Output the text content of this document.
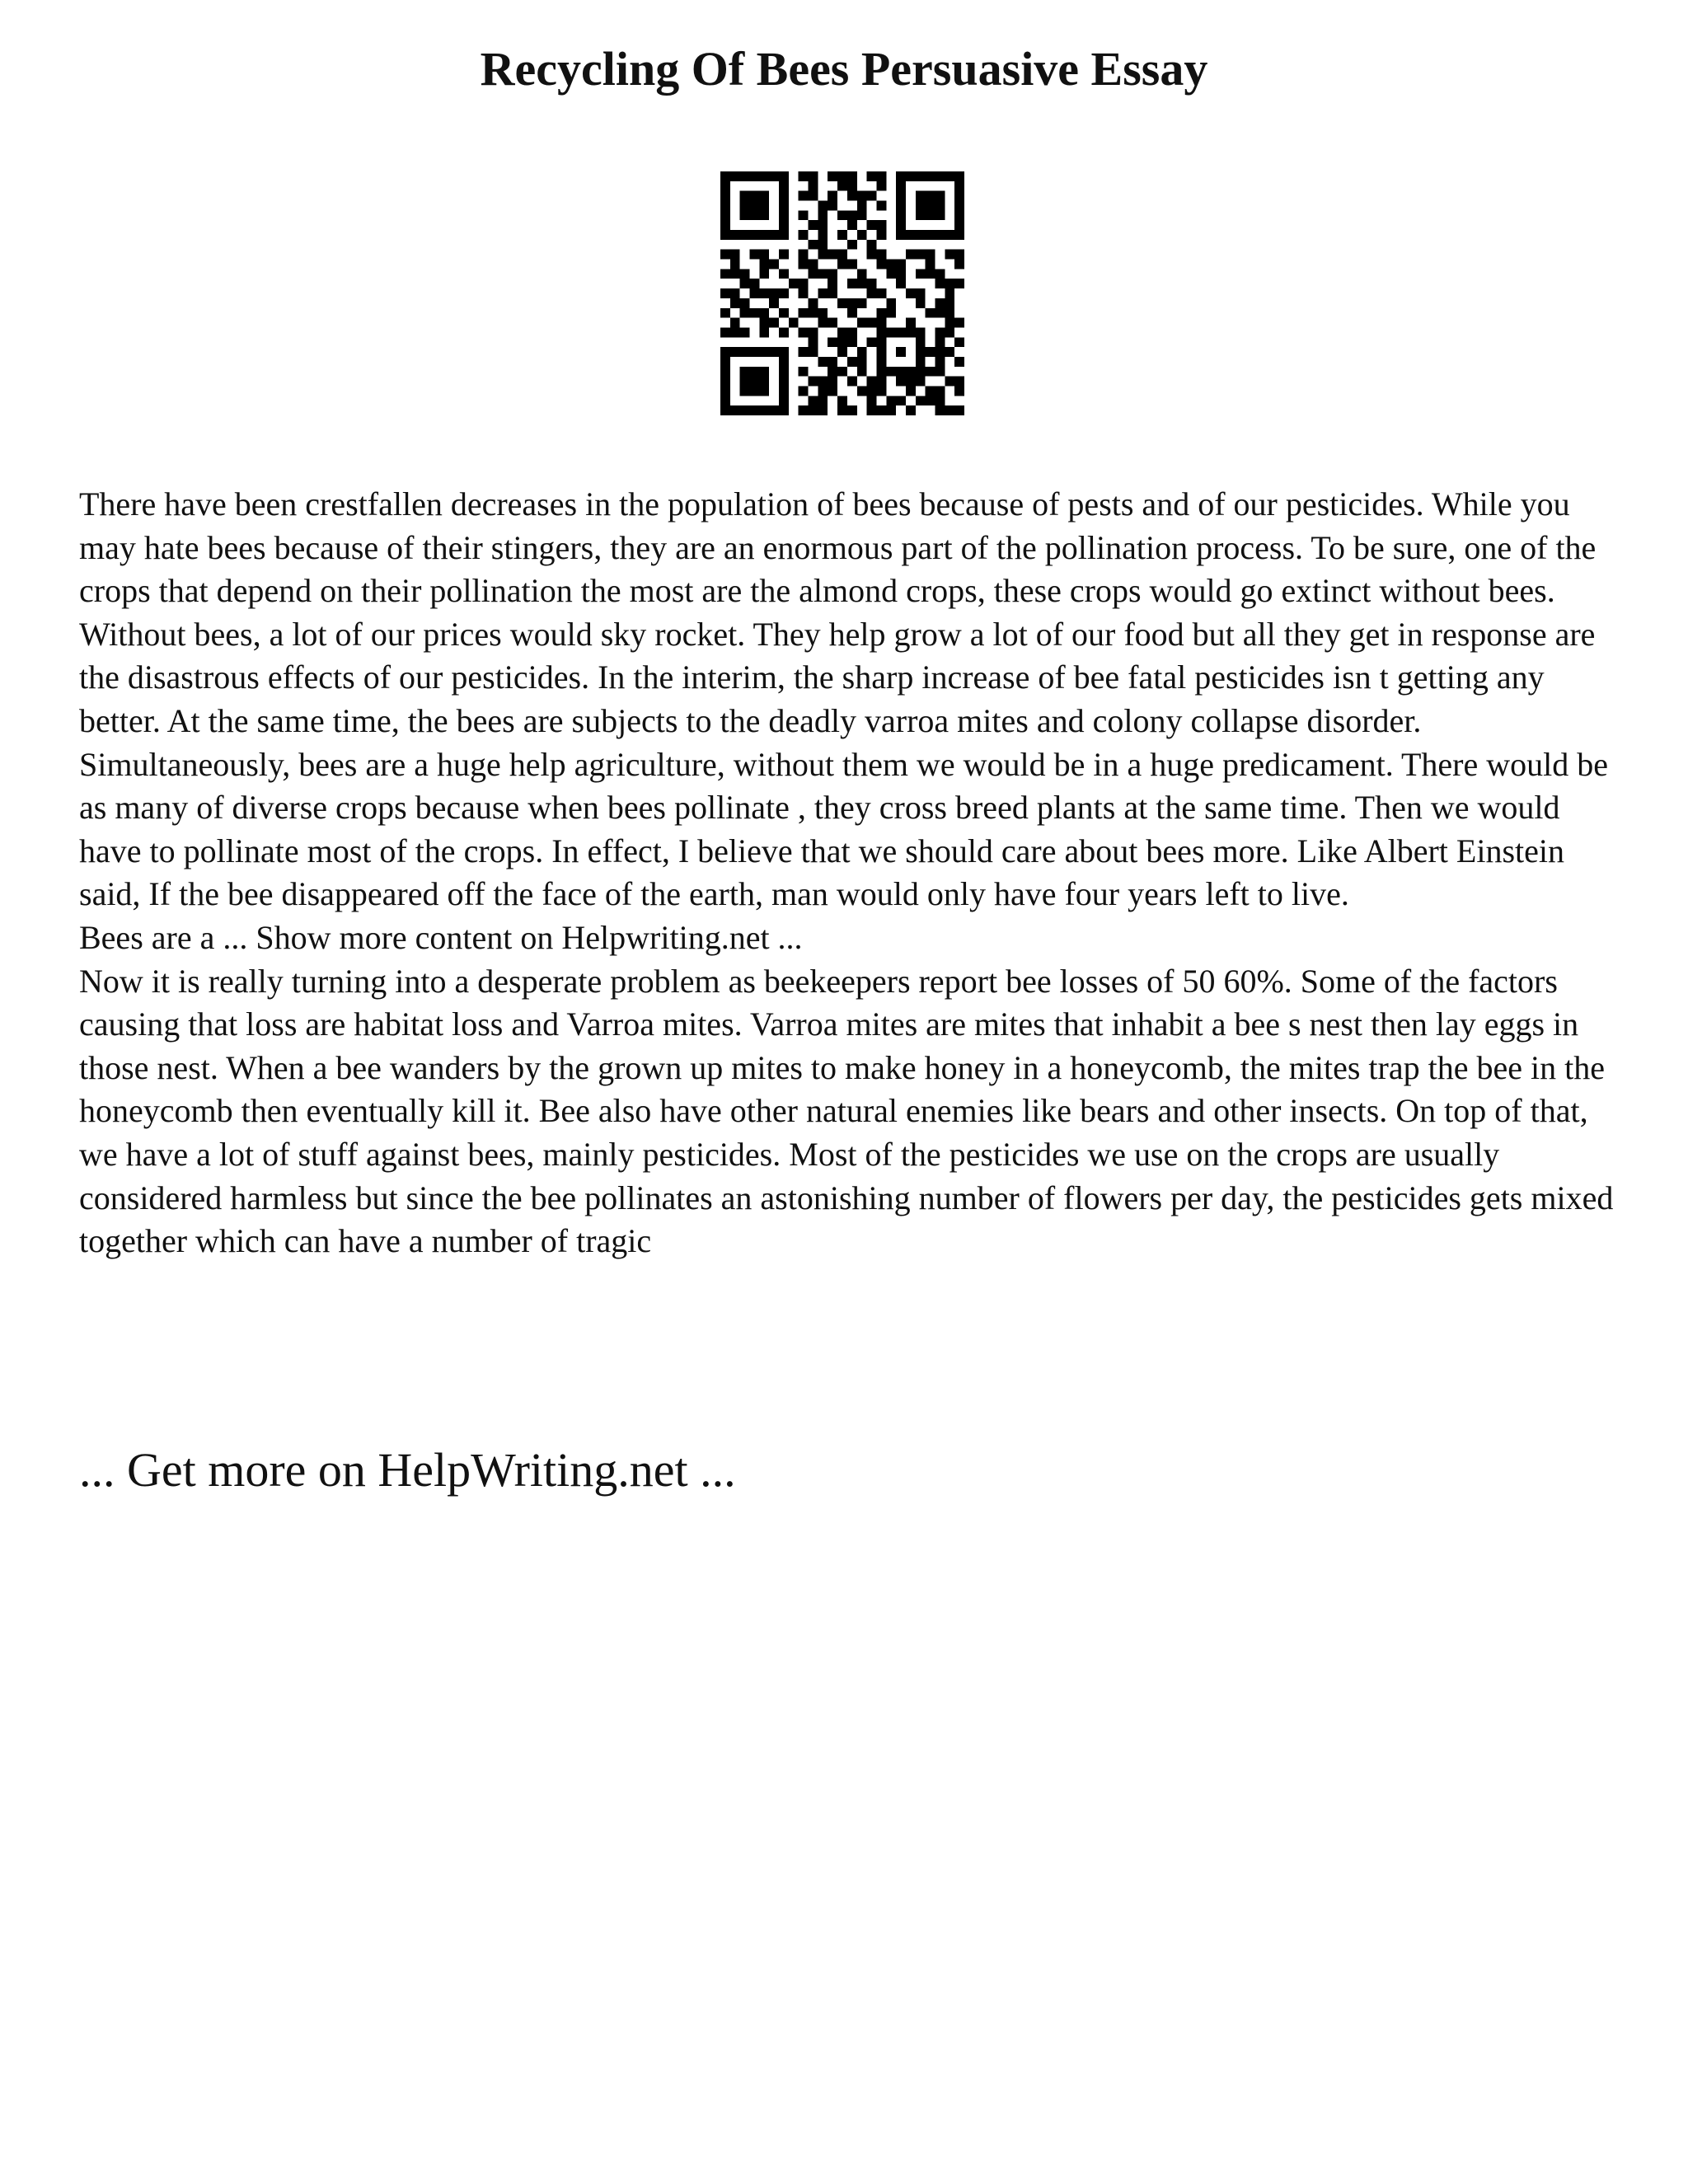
Recycling Of Bees Persuasive Essay

There have been crestfallen decreases in the population of bees because of pests and of our pesticides. While you may hate bees because of their stingers, they are an enormous part of the pollination process. To be sure, one of the crops that depend on their pollination the most are the almond crops, these crops would go extinct without bees. Without bees, a lot of our prices would sky rocket. They help grow a lot of our food but all they get in response are the disastrous effects of our pesticides. In the interim, the sharp increase of bee fatal pesticides isn t getting any better. At the same time, the bees are subjects to the deadly varroa mites and colony collapse disorder. Simultaneously, bees are a huge help agriculture, without them we would be in a huge predicament. There would be as many of diverse crops because when bees pollinate , they cross breed plants at the same time. Then we would have to pollinate most of the crops. In effect, I believe that we should care about bees more. Like Albert Einstein said, If the bee disappeared off the face of the earth, man would only have four years left to live.

Bees are a ... Show more content on Helpwriting.net ...

Now it is really turning into a desperate problem as beekeepers report bee losses of 50 60%. Some of the factors causing that loss are habitat loss and Varroa mites. Varroa mites are mites that inhabit a bee s nest then lay eggs in those nest. When a bee wanders by the grown up mites to make honey in a honeycomb, the mites trap the bee in the honeycomb then eventually kill it. Bee also have other natural enemies like bears and other insects. On top of that, we have a lot of stuff against bees, mainly pesticides. Most of the pesticides we use on the crops are usually considered harmless but since the bee pollinates an astonishing number of flowers per day, the pesticides gets mixed together which can have a number of tragic

... Get more on HelpWriting.net ...
